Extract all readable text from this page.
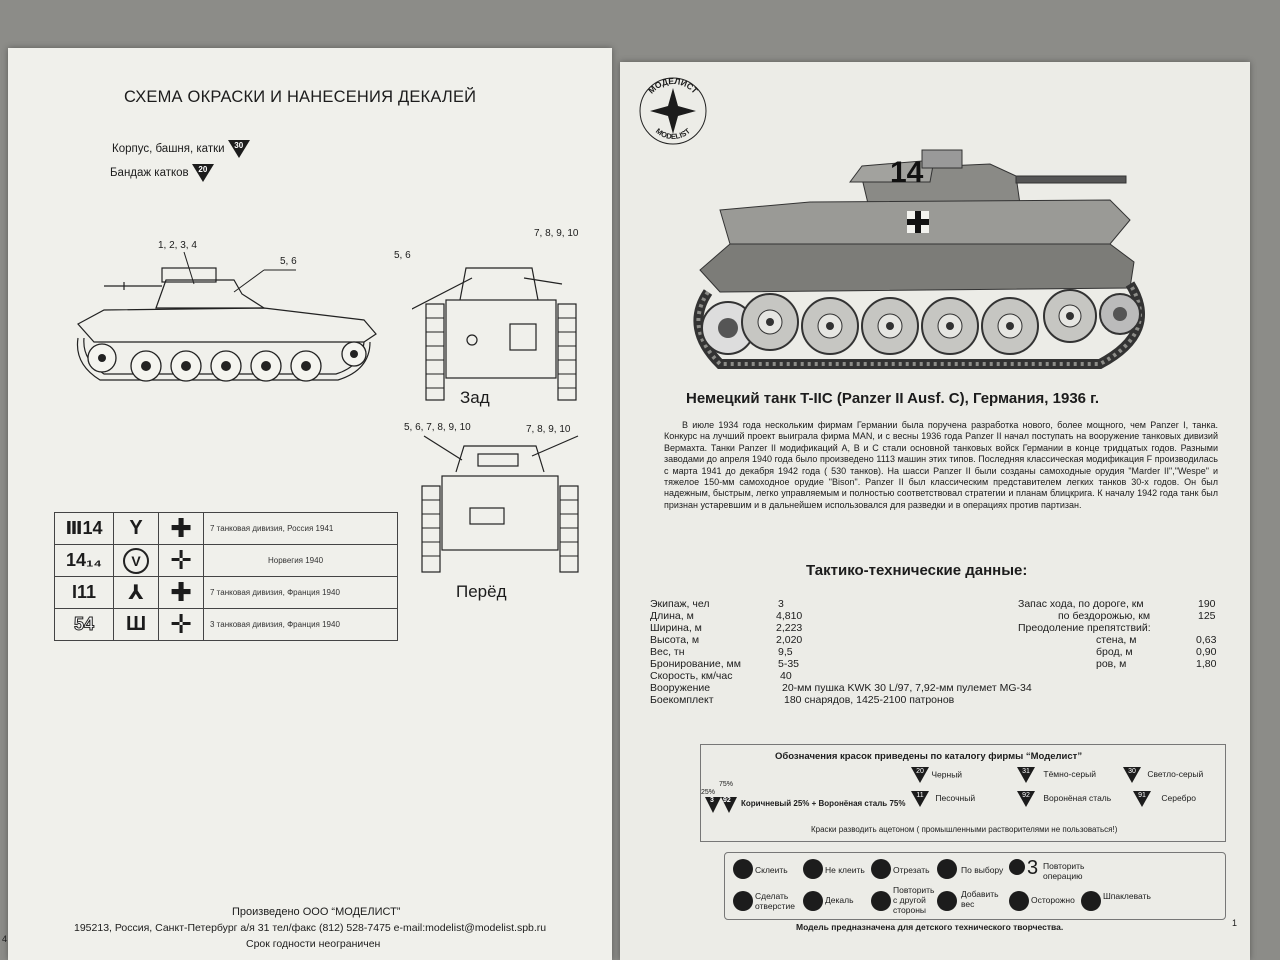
СХЕМА ОКРАСКИ И НАНЕСЕНИЯ ДЕКАЛЕЙ
Корпус, башня, катки	30
Бандаж катков	20
1, 2, 3, 4
5, 6
5, 6
7, 8, 9, 10
Зад
5, 6, 7, 8, 9, 10	7, 8, 9, 10
Перёд
Ⅲ14	Y	✚	7 танковая дивизия, Россия 1941
14₁₄	V	✛	Норвегия 1940
I11	⅄	✚	7 танковая дивизия, Франция 1940
54	Ш	✛	3 танковая дивизия, Франция 1940
Произведено ООО “МОДЕЛИСТ”
195213, Россия, Санкт-Петербург а/я 31 тел/факс (812) 528-7475 e-mail:modelist@modelist.spb.ru
Срок годности неограничен
4
МОДЕЛИСТ
MODELIST
14
Немецкий танк T-IIC (Panzer II Ausf. C), Германия, 1936 г.
В июле 1934 года нескольким фирмам Германии была поручена разработка нового, более мощного, чем Panzer I, танка. Конкурс на лучший проект выиграла фирма MAN, и с весны 1936 года Panzer II начал поступать на вооружение танковых дивизий Вермахта. Танки Panzer II модификаций A, B и C стали основной танковых войск Германии в конце тридцатых годов. Разными заводами до апреля 1940 года было произведено 1113 машин этих типов. Последняя классическая модификация F производилась с марта 1941 до декабря 1942 года ( 530 танков). На шасси Panzer II были созданы самоходные орудия "Marder II","Wespe" и тяжелое 150-мм самоходное орудие "Bison". Panzer II был классическим представителем легких танков 30-х годов. Он был надежным, быстрым, легко управляемым и полностью соответствовал стратегии и планам блицкрига. К началу 1942 года танк был признан устаревшим и в дальнейшем использовался для разведки и в операциях против партизан.
Тактико-технические данные:
Экипаж, чел	3
Длина, м	4,810
Ширина, м	2,223
Высота, м	2,020
Вес, тн	9,5
Бронирование, мм	5-35
Скорость, км/час	40
Вооружение	20-мм пушка KWK 30 L/97, 7,92-мм пулемет MG-34
Боекомплект	180 снарядов, 1425-2100 патронов
Запас хода, по дороге, км	190
по бездорожью, км	125
Преодоление препятствий:
стена, м	0,63
брод, м	0,90
ров, м	1,80
Обозначения красок приведены по каталогу фирмы “Моделист”
25%
75%
3 92 Коричневый 25% + Воронёная сталь 75%

20 Черный
	31	Тёмно-серый
	30	Светло-серый

11	Песочный
	92	Воронёная сталь
	91	Серебро
Краски разводить ацетоном ( промышленными растворителями не пользоваться!)
Склеить	Не клеить	Отрезать	По выбору 3 Повторить операцию
Сделать отверстие
Декаль
Повторить с другой стороны
Добавить вес	Осторожно	Шпаклевать
Модель предназначена для детского технического творчества.	1
